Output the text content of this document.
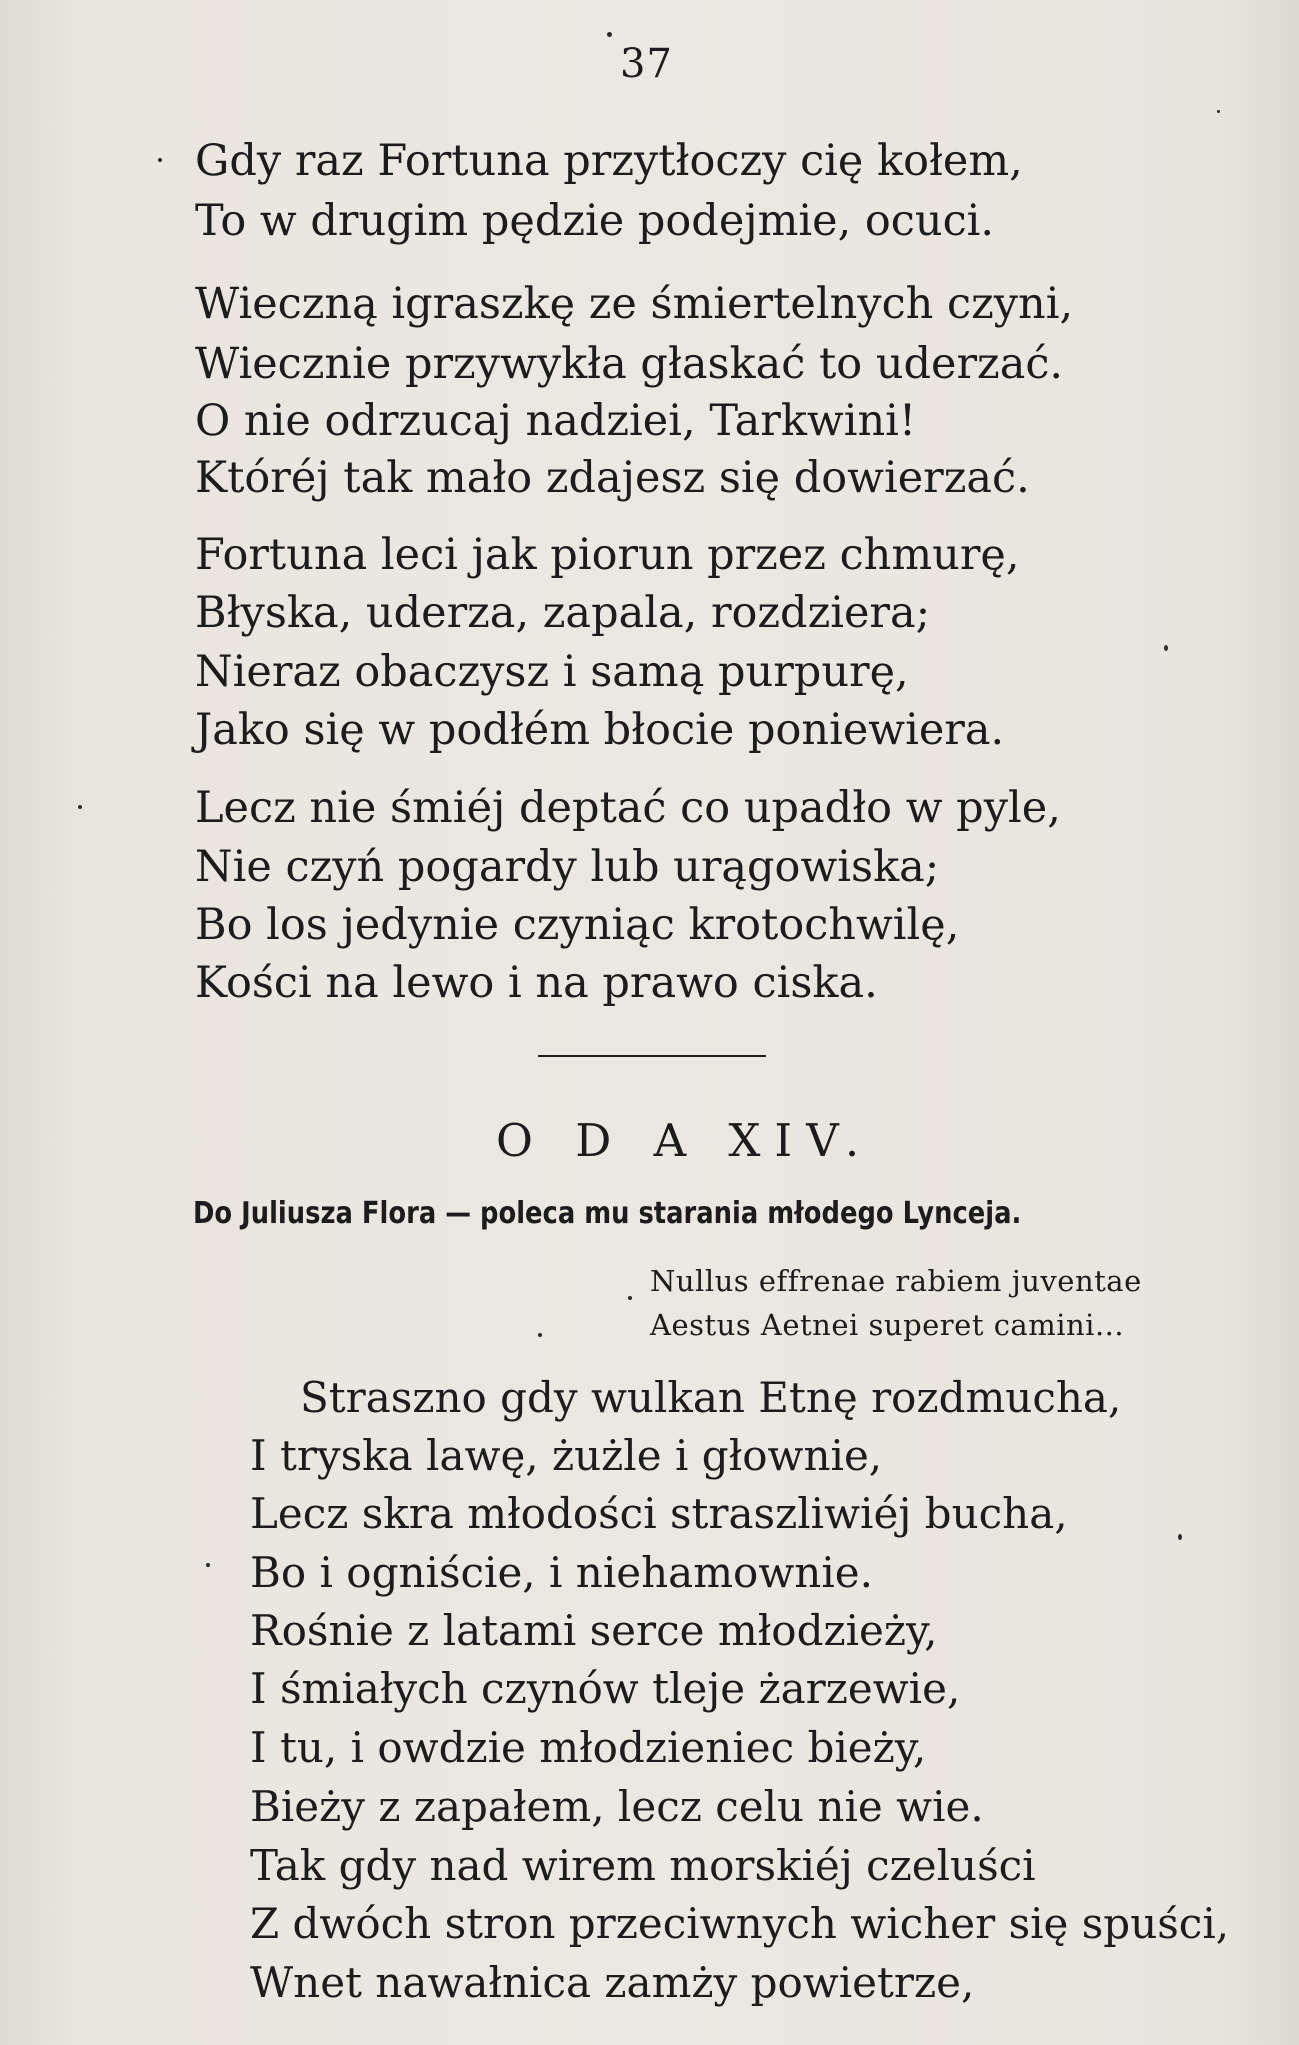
37
Gdy raz Fortuna przytłoczy cię kołem,
To w drugim pędzie podejmie, ocuci.
Wieczną igraszkę ze śmiertelnych czyni,
Wiecznie przywykła głaskać to uderzać.
O nie odrzucaj nadziei, Tarkwini!
Któréj tak mało zdajesz się dowierzać.
Fortuna leci jak piorun przez chmurę,
Błyska, uderza, zapala, rozdziera;
Nieraz obaczysz i samą purpurę,
Jako się w podłém błocie poniewiera.
Lecz nie śmiéj deptać co upadło w pyle,
Nie czyń pogardy lub urągowiska;
Bo los jedynie czyniąc krotochwilę,
Kości na lewo i na prawo ciska.
O D A XIV.
Do Juliusza Flora — poleca mu starania młodego Lynceja.
Nullus effrenae rabiem juventae
Aestus Aetnei superet camini...
Straszno gdy wulkan Etnę rozdmucha,
I tryska lawę, żużle i głownie,
Lecz skra młodości straszliwiéj bucha,
Bo i ogniście, i niehamownie.
Rośnie z latami serce młodzieży,
I śmiałych czynów tleje żarzewie,
I tu, i owdzie młodzieniec bieży,
Bieży z zapałem, lecz celu nie wie.
Tak gdy nad wirem morskiéj czeluści
Z dwóch stron przeciwnych wicher się spuści,
Wnet nawałnica zamży powietrze,
